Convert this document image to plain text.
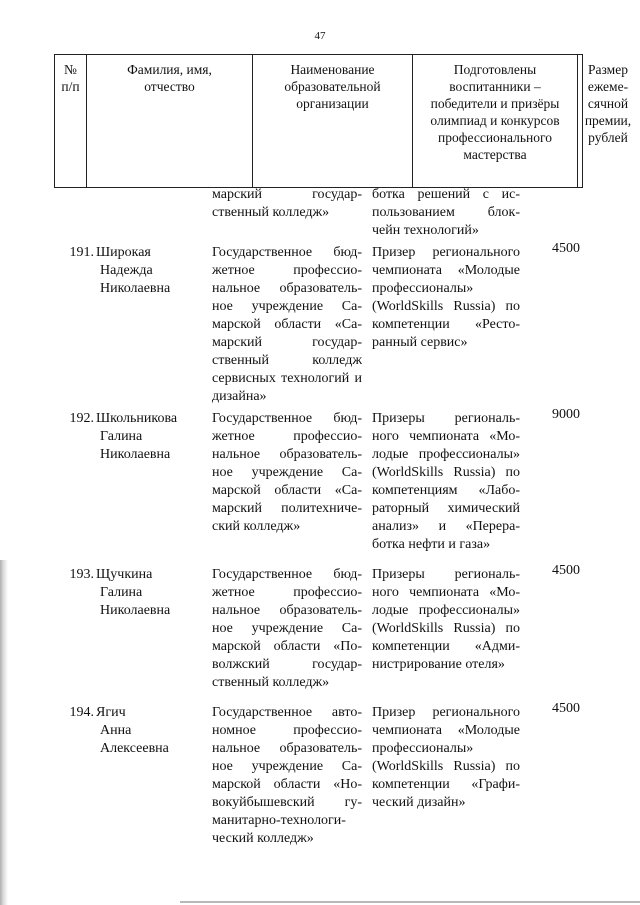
47
№
п/п
Фамилия, имя,
отчество
Наименование
образовательной
организации
Подготовлены
воспитанники –
победители и призёры
олимпиад и конкурсов
профессионального
мастерства
Размер
ежеме-
сячной
премии,
рублей
марский государ- ственный колледж»
ботка решений с ис- пользованием блок- чейн технологий»
191. Широкая
Надежда
Николаевна
Государственное бюд- жетное профессио- нальное образователь- ное учреждение Са- марской области «Са- марский государ- ственный колледж сервисных технологий и дизайна»
Призер регионального чемпионата «Молодые профессионалы» (WorldSkills Russia) по компетенции «Ресто- ранный сервис»
4500
192. Школьникова
Галина
Николаевна
Государственное бюд- жетное профессио- нальное образователь- ное учреждение Са- марской области «Са- марский политехниче- ский колледж»
Призеры региональ- ного чемпионата «Мо- лодые профессионалы» (WorldSkills Russia) по компетенциям «Лабо- раторный химический анализ» и «Перера- ботка нефти и газа»
9000
193. Щучкина
Галина
Николаевна
Государственное бюд- жетное профессио- нальное образователь- ное учреждение Са- марской области «По- волжский государ- ственный колледж»
Призеры региональ- ного чемпионата «Мо- лодые профессионалы» (WorldSkills Russia) по компетенции «Адми- нистрирование отеля»
4500
194. Ягич
Анна
Алексеевна
Государственное авто- номное профессио- нальное образователь- ное учреждение Са- марской области «Но- вокуйбышевский гу- манитарно-технологи- ческий колледж»
Призер регионального чемпионата «Молодые профессионалы» (WorldSkills Russia) по компетенции «Графи- ческий дизайн»
4500
